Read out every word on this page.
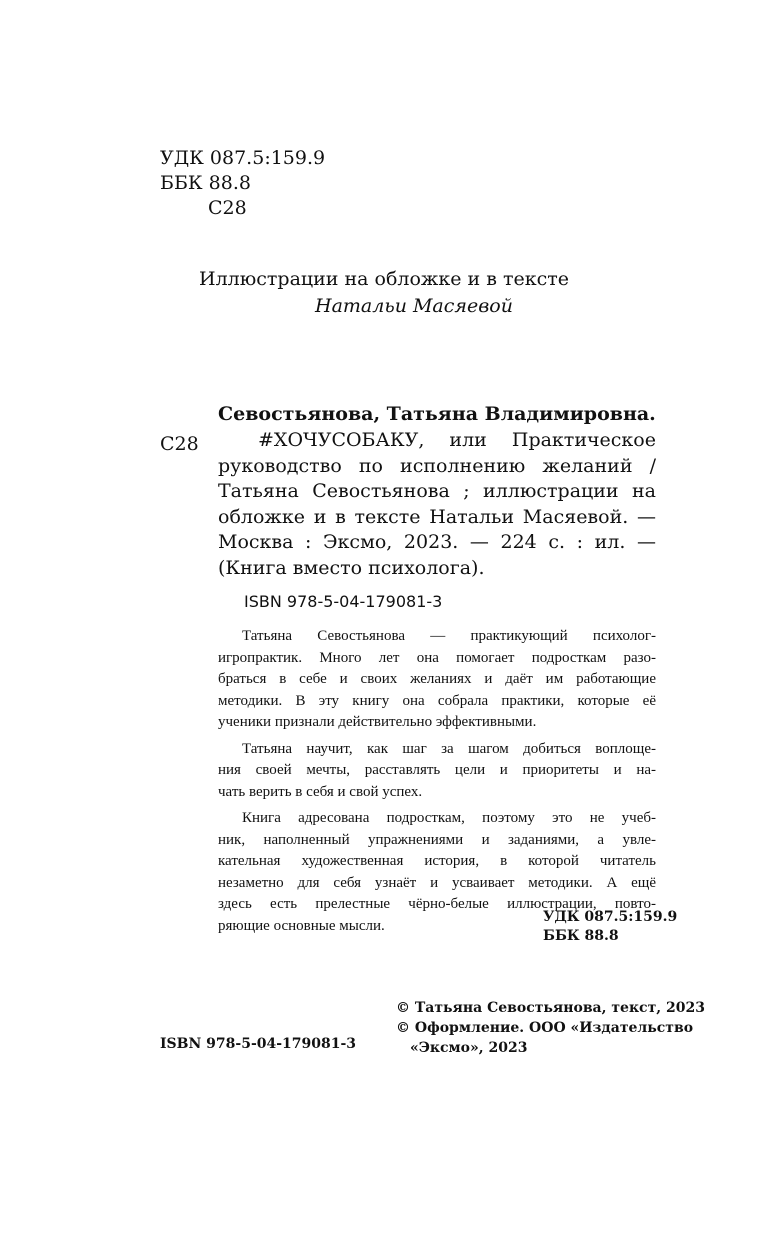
УДК 087.5:159.9
ББК 88.8
С28
Иллюстрации на обложке и в тексте
Натальи Масяевой
Севостьянова, Татьяна Владимировна.
С28	#ХОЧУСОБАКУ, или Практическое
руководство по исполнению желаний /
Татьяна Севостьянова ; иллюстрации на
обложке и в тексте Натальи Масяевой. —
Москва : Эксмо, 2023. — 224 с. : ил. —
(Книга вместо психолога).
ISBN 978-5-04-179081-3

Татьяна Севостьянова — практикующий психолог-
игропрактик. Много лет она помогает подросткам разо-
браться в себе и своих желаниях и даёт им работающие
методики. В эту книгу она собрала практики, которые её
ученики признали действительно эффективными.

Татьяна научит, как шаг за шагом добиться воплоще-
ния своей мечты, расставлять цели и приоритеты и на-
чать верить в себя и свой успех.

Книга адресована подросткам, поэтому это не учеб-
ник, наполненный упражнениями и заданиями, а увле-
кательная художественная история, в которой читатель
незаметно для себя узнаёт и усваивает методики. А ещё
здесь есть прелестные чёрно-белые иллюстрации, повто-
ряющие основные мысли.

УДК 087.5:159.9
ББК 88.8
© Татьяна Севостьянова, текст, 2023
© Оформление. ООО «Издательство
«Эксмо», 2023
ISBN 978-5-04-179081-3
